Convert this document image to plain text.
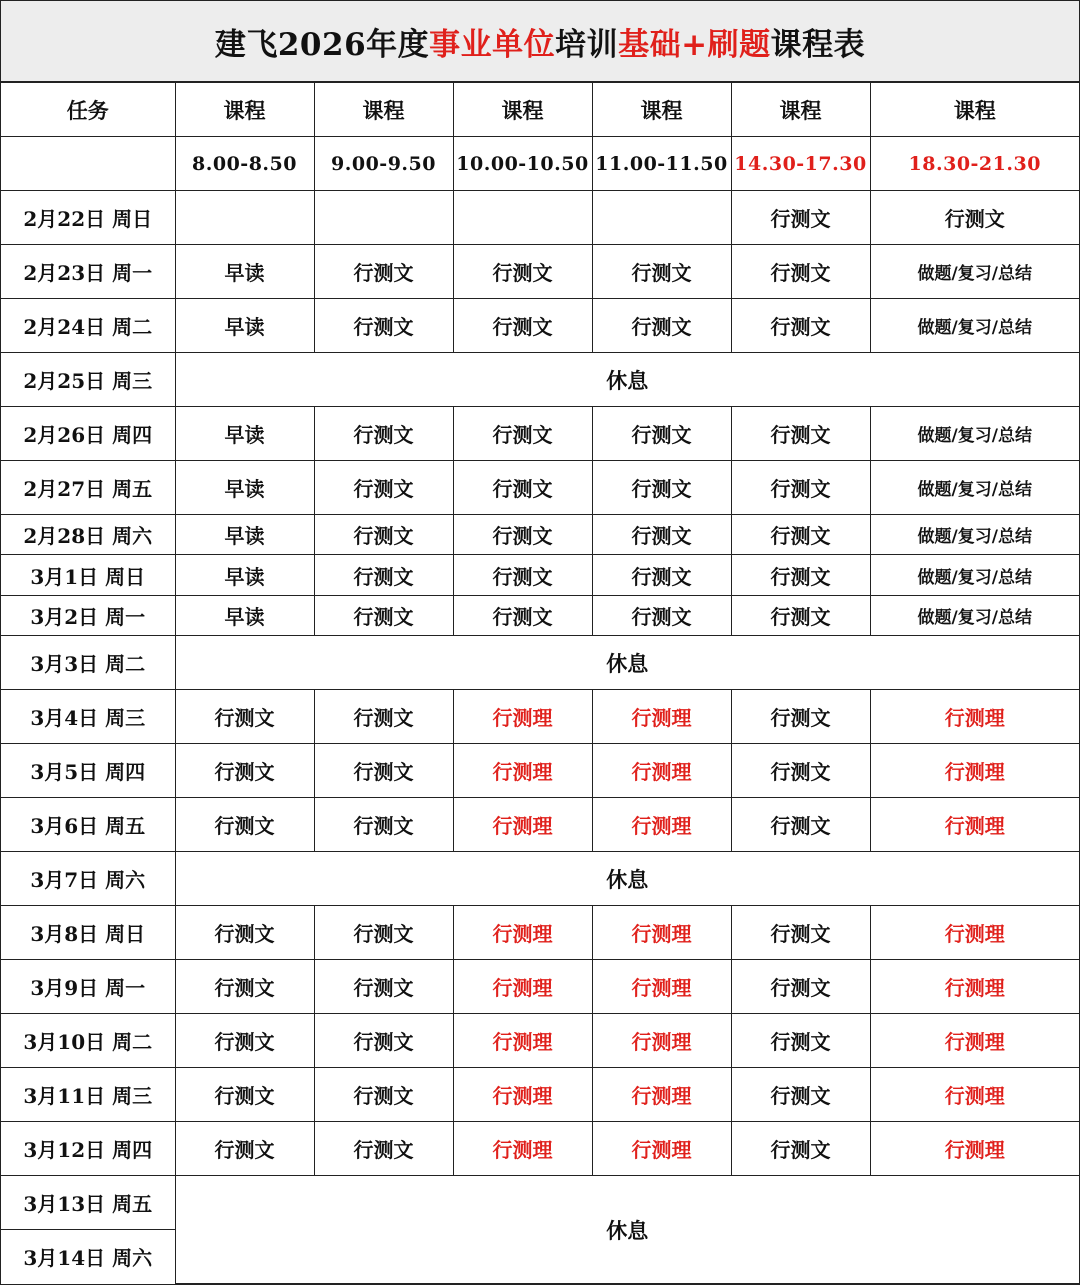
建飞2026年度 事业单位 培训 基础+刷题 课程表
任务	课程	课程	课程	课程	课程	课程
	8.00-8.50	9.00-9.50	10.00-10.50	11.00-11.50	14.30-17.30	18.30-21.30
2月22日 周日					行测文	行测文
2月23日 周一	早读	行测文	行测文	行测文	行测文	做题/复习/总结
2月24日 周二	早读	行测文	行测文	行测文	行测文	做题/复习/总结
2月25日 周三	休息					
2月26日 周四	早读	行测文	行测文	行测文	行测文	做题/复习/总结
2月27日 周五	早读	行测文	行测文	行测文	行测文	做题/复习/总结
2月28日 周六	早读	行测文	行测文	行测文	行测文	做题/复习/总结
3月1日 周日	早读	行测文	行测文	行测文	行测文	做题/复习/总结
3月2日 周一	早读	行测文	行测文	行测文	行测文	做题/复习/总结
3月3日 周二	休息					
3月4日 周三	行测文	行测文	行测理	行测理	行测文	行测理
3月5日 周四	行测文	行测文	行测理	行测理	行测文	行测理
3月6日 周五	行测文	行测文	行测理	行测理	行测文	行测理
3月7日 周六	休息					
3月8日 周日	行测文	行测文	行测理	行测理	行测文	行测理
3月9日 周一	行测文	行测文	行测理	行测理	行测文	行测理
3月10日 周二	行测文	行测文	行测理	行测理	行测文	行测理
3月11日 周三	行测文	行测文	行测理	行测理	行测文	行测理
3月12日 周四	行测文	行测文	行测理	行测理	行测文	行测理
3月13日 周五	休息					
3月14日 周六						
